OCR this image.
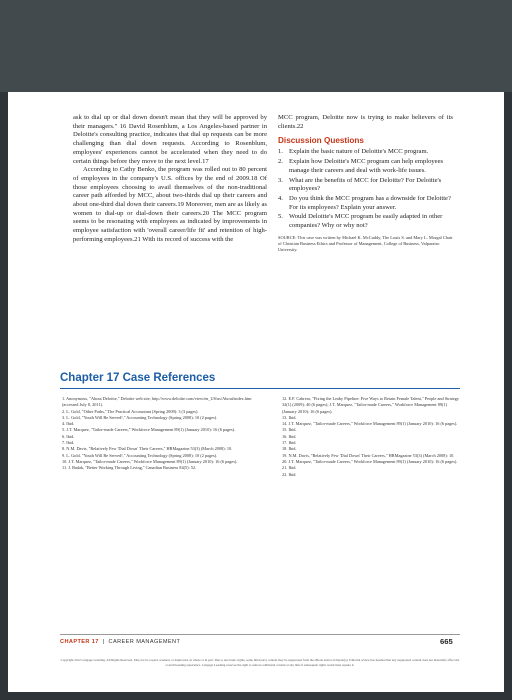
ask to dial up or dial down doesn't mean that they will be approved by their managers." 16 David Rosenblum, a Los Angeles-based partner in Deloitte's consulting practice, indicates that dial up requests can be more challenging than dial down requests. According to Rosenblum, employees' experiences cannot be accelerated when they need to do certain things before they move to the next level.17

According to Cathy Benko, the program was rolled out to 80 percent of employees in the company's U.S. offices by the end of 2009.18 Of those employees choosing to avail themselves of the non-traditional career path afforded by MCC, about two-thirds dial up their careers and about one-third dial down their careers.19 Moreover, men are as likely as women to dial-up or dial-down their careers.20 The MCC program seems to be resonating with employees as indicated by improvements in employee satisfaction with 'overall career/life fit' and retention of high-performing employees.21 With its record of success with the

MCC program, Deloitte now is trying to make believers of its clients.22

Discussion Questions
1. Explain the basic nature of Deloitte's MCC program.
2. Explain how Deloitte's MCC program can help employees manage their careers and deal with work-life issues.
3. What are the benefits of MCC for Deloitte? For Deloitte's employees?
4. Do you think the MCC program has a downside for Deloitte? For its employees? Explain your answer.
5. Would Deloitte's MCC program be easily adapted in other companies? Why or why not?
SOURCE: This case was written by Michael K. McCuddy, The Louis S. and Mary L. Morgal Chair of Christian Business Ethics and Professor of Management, College of Business, Valparaiso University.
Chapter 17 Case References

1. Anonymous, "About Deloitte," Deloitte web site, http://www.deloitte.com/view/en_US/us/About/index.htm (accessed July 8, 2011).

2. L. Gold, "Other Paths," The Practical Accountant (Spring 2008): 3 (3 pages).

3. L. Gold, "Youth Will Be Served!," Accounting Technology (Spring 2008): 10 (2 pages).

4. Ibid.

5. J.T. Marquez, "Tailor-made Careers," Workforce Management 89(1) (January 2010): 16 (6 pages).

6. Ibid.

7. Ibid.

8. N.M. Davis, "Relatively Few 'Dial Down' Their Careers," HRMagazine 53(3) (March 2008): 10.

9. L. Gold, "Youth Will Be Served!," Accounting Technology (Spring 2008): 10 (2 pages).

10. J.T. Marquez, "Tailor-made Careers," Workforce Management 89(1) (January 2010): 16 (6 pages).

11. J. Badak, "Better Working Through Living," Canadian Business 84(5): 52.

12. E.F. Cabrera, "Fixing the Leaky Pipeline: Five Ways to Retain Female Talent," People and Strategy 32(1) (2009): 40 (6 pages); J.T. Marquez, "Tailor-made Careers," Workforce Management 89(1) (January 2010): 16 (6 pages).

13. Ibid.

14. J.T. Marquez, "Tailor-made Careers," Workforce Management 89(1) (January 2010): 16 (6 pages).

15. Ibid.

16. Ibid.

17. Ibid.

18. Ibid.

19. N.M. Davis, "Relatively Few 'Dial Down' Their Careers," HRMagazine 53(3) (March 2008): 10.

20. J.T. Marquez, "Tailor-made Careers," Workforce Management 89(1) (January 2010): 16 (6 pages).

21. Ibid.

22. Ibid.

CHAPTER 17  |  CAREER MANAGEMENT	665
Copyright 2012 Cengage Learning. All Rights Reserved. May not be copied, scanned, or duplicated, in whole or in part. Due to electronic rights, some third party content may be suppressed from the eBook and/or eChapter(s). Editorial review has deemed that any suppressed content does not materially affect the overall learning experience. Cengage Learning reserves the right to remove additional content at any time if subsequent rights restrictions require it.
